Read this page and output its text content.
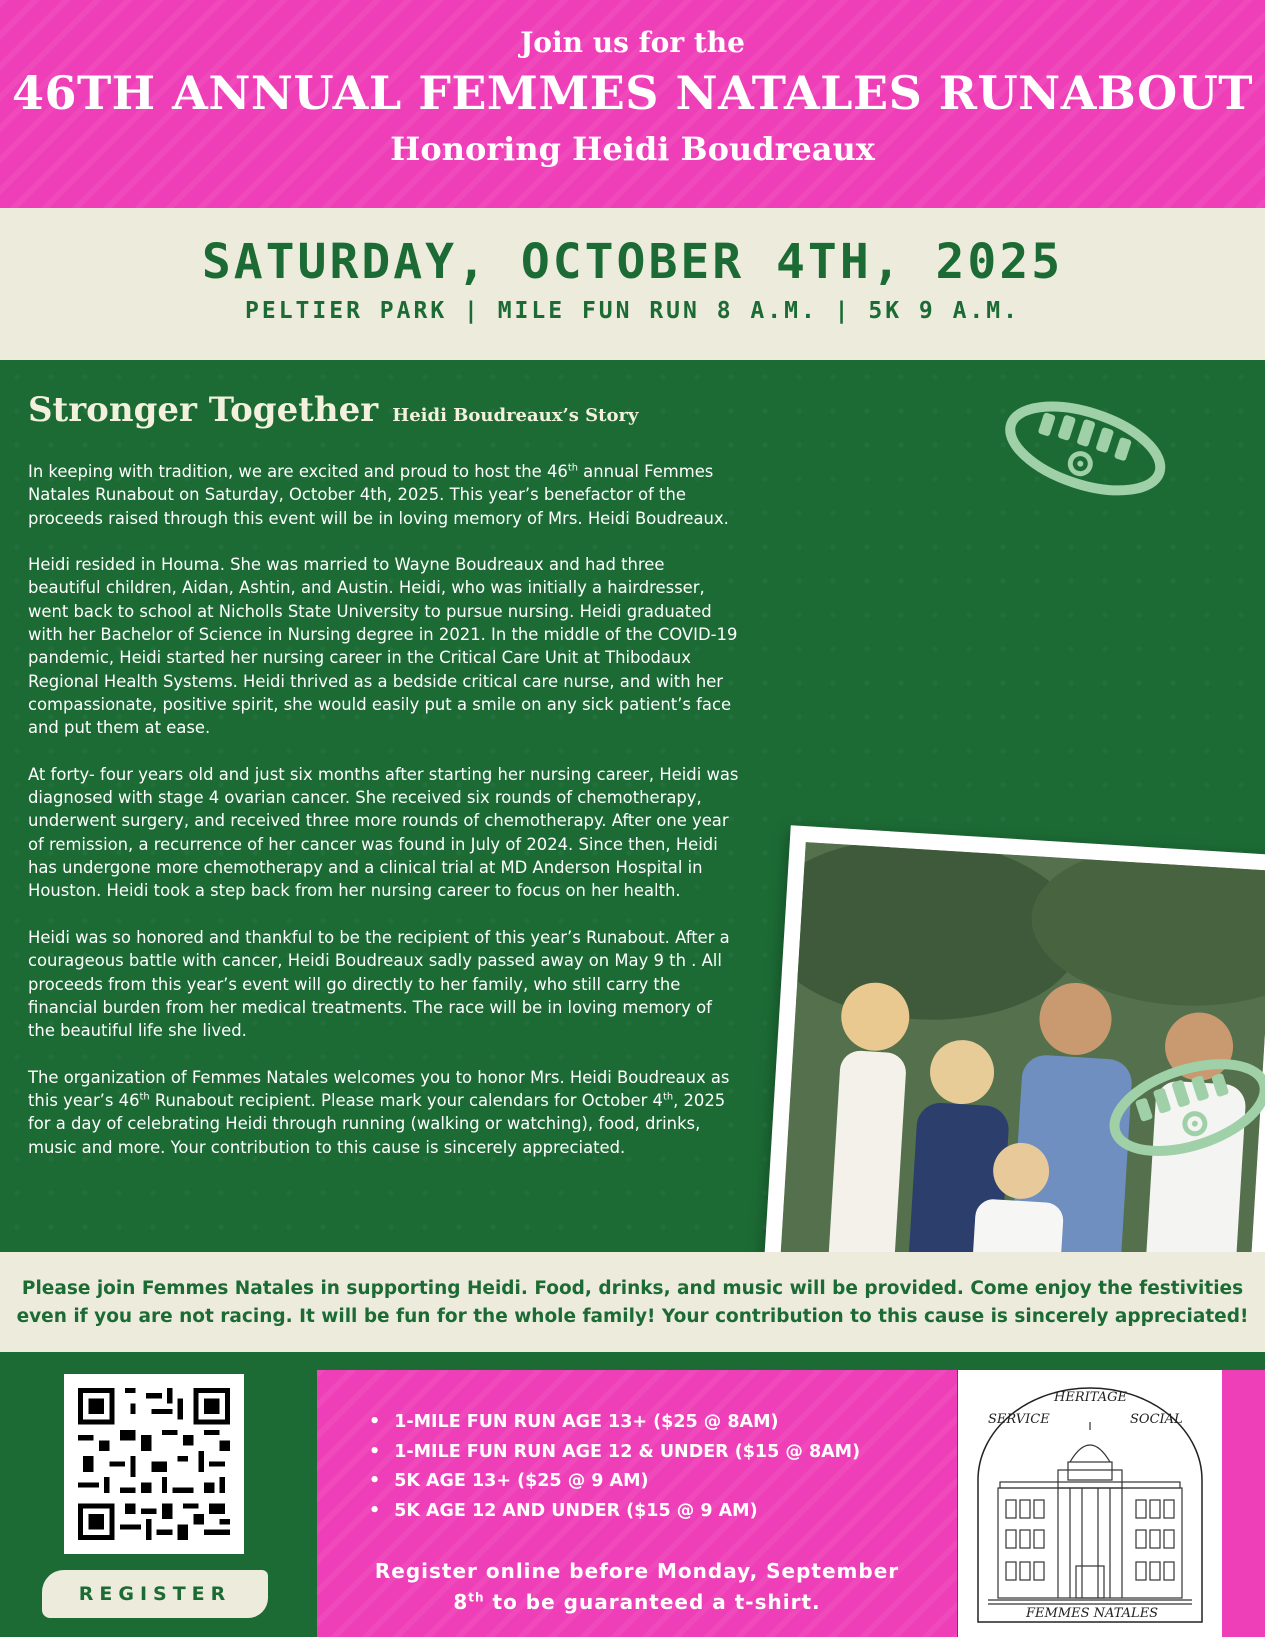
Join us for the
46TH ANNUAL FEMMES NATALES RUNABOUT
Honoring Heidi Boudreaux
SATURDAY, OCTOBER 4TH, 2025
PELTIER PARK | MILE FUN RUN 8 A.M. | 5K 9 A.M.
Stronger Together Heidi Boudreaux’s Story

In keeping with tradition, we are excited and proud to host the 46th annual Femmes Natales Runabout on Saturday, October 4th, 2025. This year’s benefactor of the proceeds raised through this event will be in loving memory of Mrs. Heidi Boudreaux.

Heidi resided in Houma. She was married to Wayne Boudreaux and had three beautiful children, Aidan, Ashtin, and Austin. Heidi, who was initially a hairdresser, went back to school at Nicholls State University to pursue nursing. Heidi graduated with her Bachelor of Science in Nursing degree in 2021. In the middle of the COVID-19 pandemic, Heidi started her nursing career in the Critical Care Unit at Thibodaux Regional Health Systems. Heidi thrived as a bedside critical care nurse, and with her compassionate, positive spirit, she would easily put a smile on any sick patient’s face and put them at ease.

At forty- four years old and just six months after starting her nursing career, Heidi was diagnosed with stage 4 ovarian cancer. She received six rounds of chemotherapy, underwent surgery, and received three more rounds of chemotherapy. After one year of remission, a recurrence of her cancer was found in July of 2024. Since then, Heidi has undergone more chemotherapy and a clinical trial at MD Anderson Hospital in Houston. Heidi took a step back from her nursing career to focus on her health.

Heidi was so honored and thankful to be the recipient of this year’s Runabout. After a courageous battle with cancer, Heidi Boudreaux sadly passed away on May 9 th . All proceeds from this year’s event will go directly to her family, who still carry the financial burden from her medical treatments. The race will be in loving memory of the beautiful life she lived.

The organization of Femmes Natales welcomes you to honor Mrs. Heidi Boudreaux as this year’s 46th Runabout recipient. Please mark your calendars for October 4th, 2025 for a day of celebrating Heidi through running (walking or watching), food, drinks, music and more. Your contribution to this cause is sincerely appreciated.

Please join Femmes Natales in supporting Heidi. Food, drinks, and music will be provided. Come enjoy the festivities
even if you are not racing. It will be fun for the whole family! Your contribution to this cause is sincerely appreciated!
REGISTER
• 1-MILE FUN RUN AGE 13+ ($25 @ 8AM)
• 1-MILE FUN RUN AGE 12 & UNDER ($15 @ 8AM)
• 5K AGE 13+ ($25 @ 9 AM)
• 5K AGE 12 AND UNDER ($15 @ 9 AM)
Register online before Monday, September
8th to be guaranteed a t-shirt.
HERITAGE
SERVICE	SOCIAL
FEMMES NATALES
